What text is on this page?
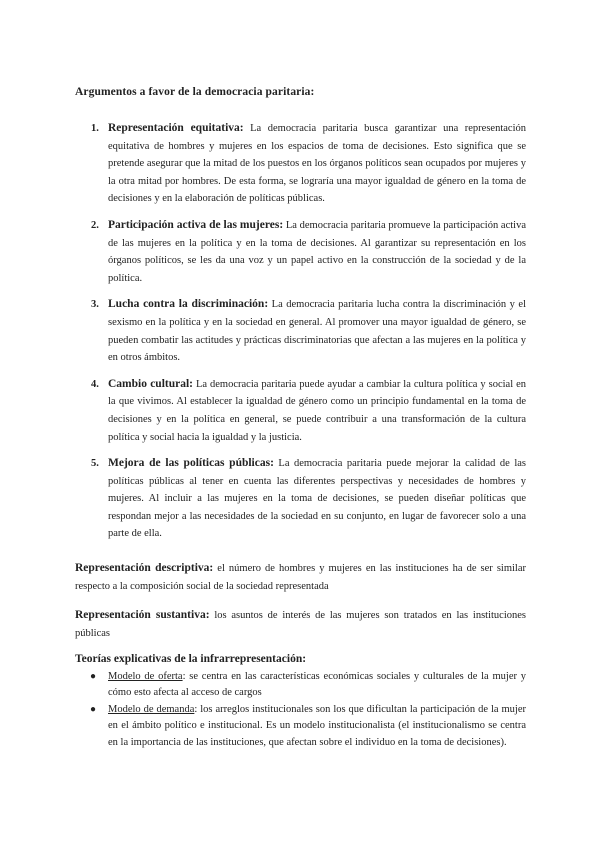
Argumentos a favor de la democracia paritaria:
1. Representación equitativa: La democracia paritaria busca garantizar una representación equitativa de hombres y mujeres en los espacios de toma de decisiones. Esto significa que se pretende asegurar que la mitad de los puestos en los órganos políticos sean ocupados por mujeres y la otra mitad por hombres. De esta forma, se lograría una mayor igualdad de género en la toma de decisiones y en la elaboración de políticas públicas.
2. Participación activa de las mujeres: La democracia paritaria promueve la participación activa de las mujeres en la política y en la toma de decisiones. Al garantizar su representación en los órganos políticos, se les da una voz y un papel activo en la construcción de la sociedad y de la política.
3. Lucha contra la discriminación: La democracia paritaria lucha contra la discriminación y el sexismo en la política y en la sociedad en general. Al promover una mayor igualdad de género, se pueden combatir las actitudes y prácticas discriminatorias que afectan a las mujeres en la política y en otros ámbitos.
4. Cambio cultural: La democracia paritaria puede ayudar a cambiar la cultura política y social en la que vivimos. Al establecer la igualdad de género como un principio fundamental en la toma de decisiones y en la política en general, se puede contribuir a una transformación de la cultura política y social hacia la igualdad y la justicia.
5. Mejora de las políticas públicas: La democracia paritaria puede mejorar la calidad de las políticas públicas al tener en cuenta las diferentes perspectivas y necesidades de hombres y mujeres. Al incluir a las mujeres en la toma de decisiones, se pueden diseñar políticas que respondan mejor a las necesidades de la sociedad en su conjunto, en lugar de favorecer solo a una parte de ella.

Representación descriptiva: el número de hombres y mujeres en las instituciones ha de ser similar respecto a la composición social de la sociedad representada

Representación sustantiva: los asuntos de interés de las mujeres son tratados en las instituciones públicas

Teorías explicativas de la infrarrepresentación:
● Modelo de oferta: se centra en las características económicas sociales y culturales de la mujer y cómo esto afecta al acceso de cargos
● Modelo de demanda: los arreglos institucionales son los que dificultan la participación de la mujer en el ámbito político e institucional. Es un modelo institucionalista (el institucionalismo se centra en la importancia de las instituciones, que afectan sobre el individuo en la toma de decisiones).
